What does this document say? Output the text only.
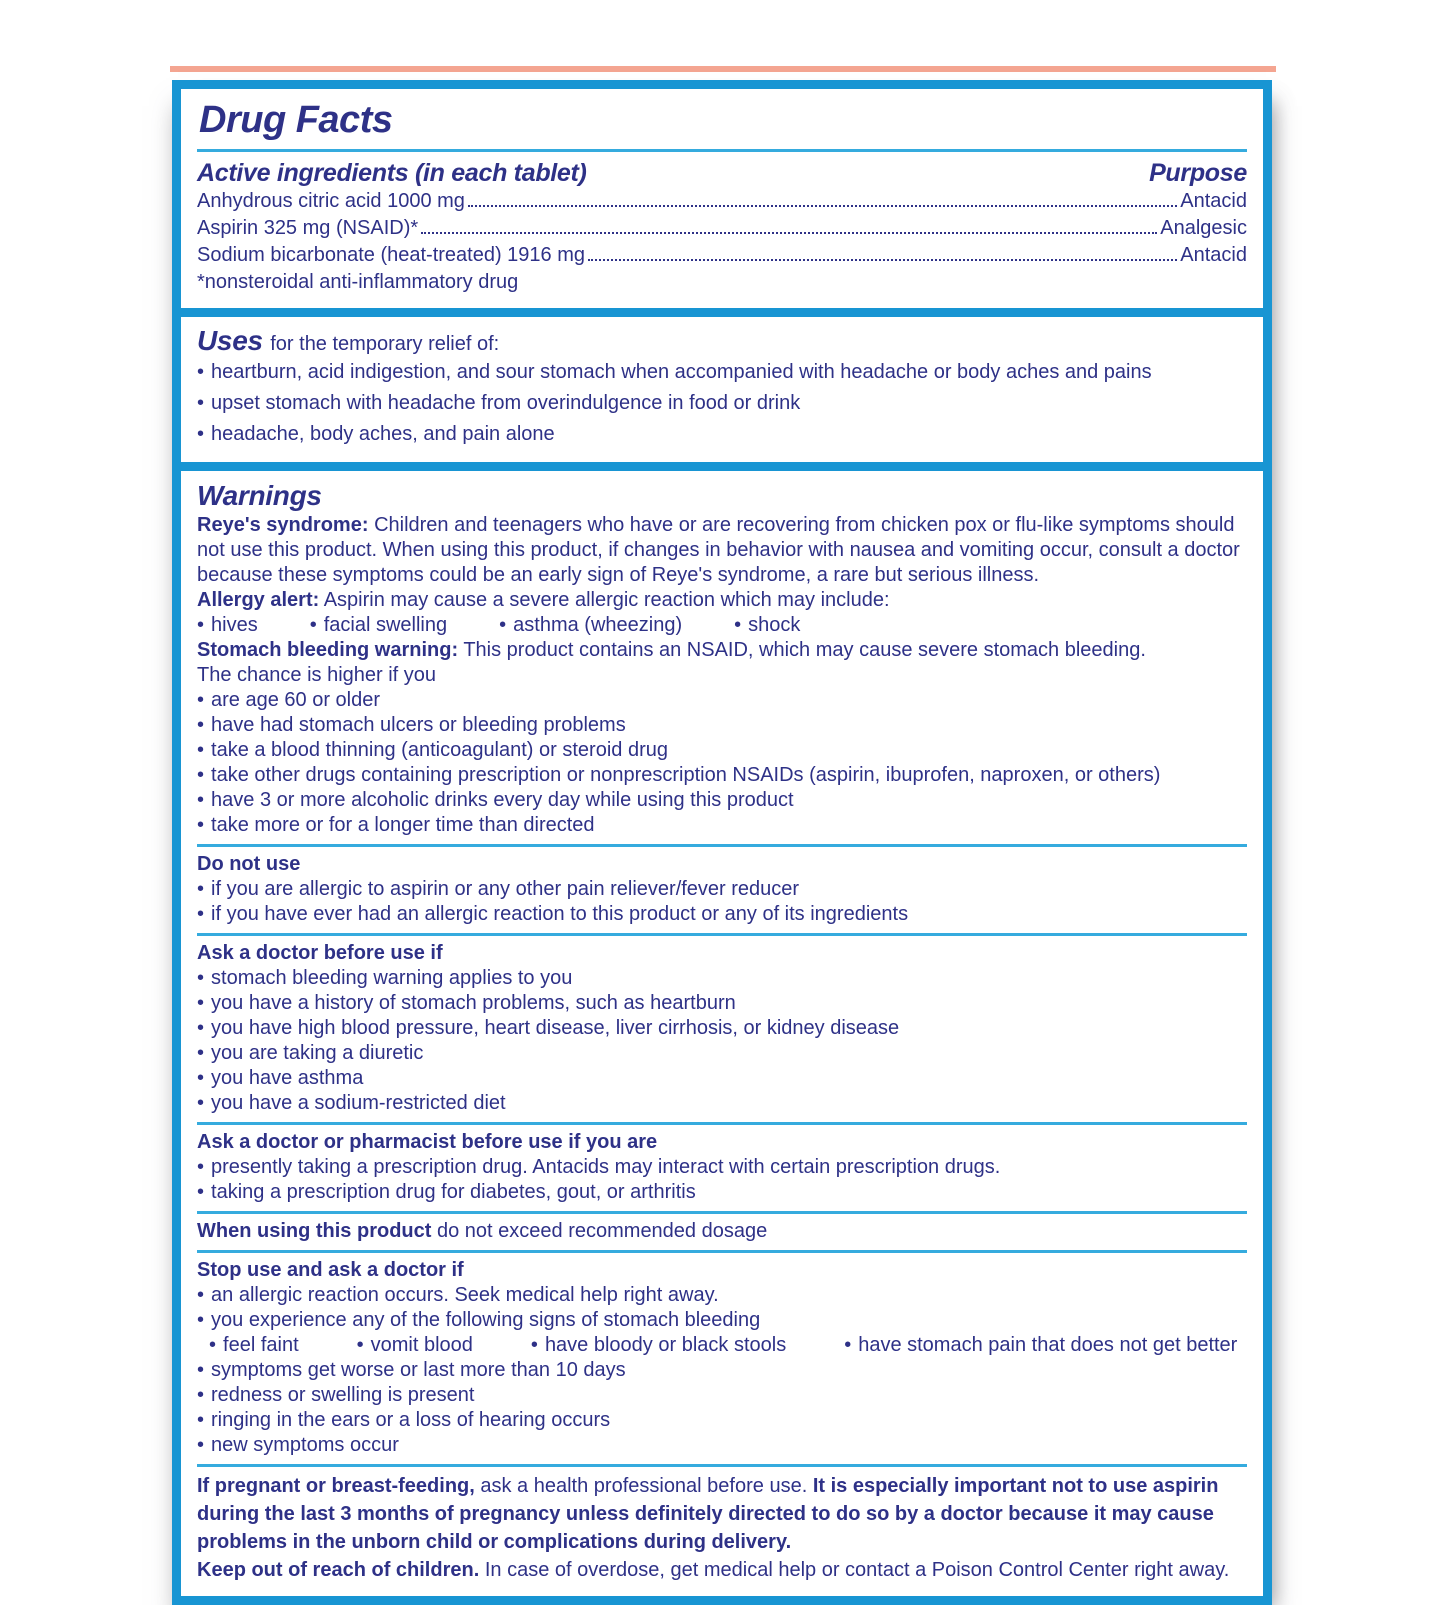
Drug Facts
Active ingredients (in each tablet)	Purpose
Anhydrous citric acid 1000 mg	Antacid
Aspirin 325 mg (NSAID)*	Analgesic
Sodium bicarbonate (heat-treated) 1916 mg	Antacid
*nonsteroidal anti-inflammatory drug
Uses for the temporary relief of:

• heartburn, acid indigestion, and sour stomach when accompanied with headache or body aches and pains

• upset stomach with headache from overindulgence in food or drink

• headache, body aches, and pain alone

Warnings

Reye's syndrome: Children and teenagers who have or are recovering from chicken pox or flu-like symptoms should not use this product. When using this product, if changes in behavior with nausea and vomiting occur, consult a doctor because these symptoms could be an early sign of Reye's syndrome, a rare but serious illness.

Allergy alert: Aspirin may cause a severe allergic reaction which may include:

• hives	• facial swelling	• asthma (wheezing)	• shock

Stomach bleeding warning: This product contains an NSAID, which may cause severe stomach bleeding.

The chance is higher if you

• are age 60 or older

• have had stomach ulcers or bleeding problems

• take a blood thinning (anticoagulant) or steroid drug

• take other drugs containing prescription or nonprescription NSAIDs (aspirin, ibuprofen, naproxen, or others)

• have 3 or more alcoholic drinks every day while using this product

• take more or for a longer time than directed

Do not use

• if you are allergic to aspirin or any other pain reliever/fever reducer

• if you have ever had an allergic reaction to this product or any of its ingredients

Ask a doctor before use if

• stomach bleeding warning applies to you

• you have a history of stomach problems, such as heartburn

• you have high blood pressure, heart disease, liver cirrhosis, or kidney disease

• you are taking a diuretic

• you have asthma

• you have a sodium-restricted diet

Ask a doctor or pharmacist before use if you are

• presently taking a prescription drug. Antacids may interact with certain prescription drugs.

• taking a prescription drug for diabetes, gout, or arthritis

When using this product do not exceed recommended dosage

Stop use and ask a doctor if

• an allergic reaction occurs. Seek medical help right away.

• you experience any of the following signs of stomach bleeding

• feel faint	• vomit blood	• have bloody or black stools	• have stomach pain that does not get better

• symptoms get worse or last more than 10 days

• redness or swelling is present

• ringing in the ears or a loss of hearing occurs

• new symptoms occur

If pregnant or breast-feeding, ask a health professional before use. It is especially important not to use aspirin during the last 3 months of pregnancy unless definitely directed to do so by a doctor because it may cause problems in the unborn child or complications during delivery.

Keep out of reach of children. In case of overdose, get medical help or contact a Poison Control Center right away.
